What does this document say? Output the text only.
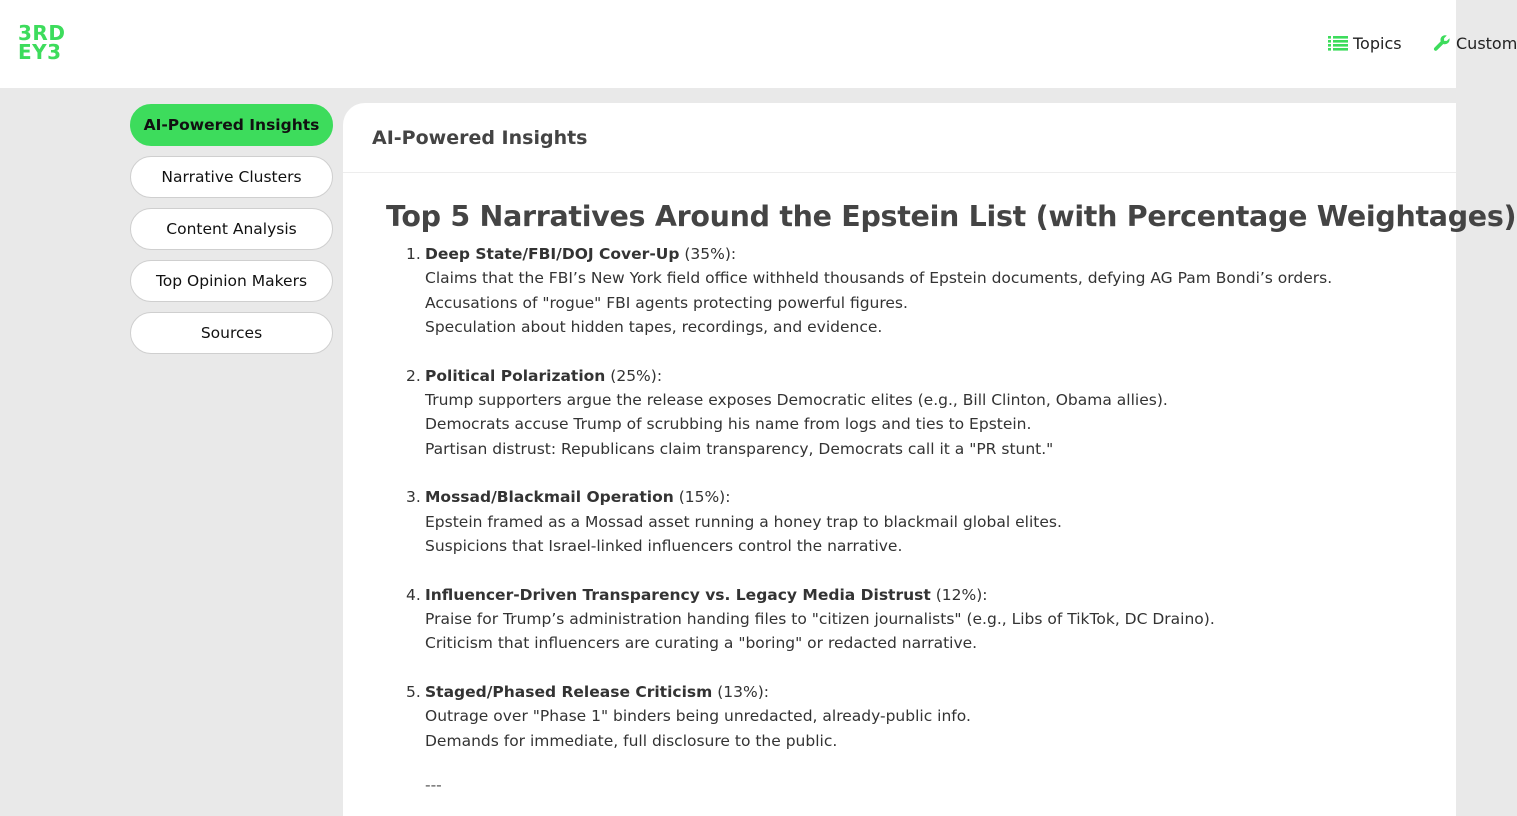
3RD
EY3	Topics	Custom
AI-Powered Insights
Narrative Clusters
Content Analysis
Top Opinion Makers
Sources
AI-Powered Insights
Top 5 Narratives Around the Epstein List (with Percentage Weightages)
1. Deep State/FBI/DOJ Cover-Up (35%):
Claims that the FBI’s New York field office withheld thousands of Epstein documents, defying AG Pam Bondi’s orders.
Accusations of "rogue" FBI agents protecting powerful figures.
Speculation about hidden tapes, recordings, and evidence.
2. Political Polarization (25%):
Trump supporters argue the release exposes Democratic elites (e.g., Bill Clinton, Obama allies).
Democrats accuse Trump of scrubbing his name from logs and ties to Epstein.
Partisan distrust: Republicans claim transparency, Democrats call it a "PR stunt."
3. Mossad/Blackmail Operation (15%):
Epstein framed as a Mossad asset running a honey trap to blackmail global elites.
Suspicions that Israel-linked influencers control the narrative.
4. Influencer-Driven Transparency vs. Legacy Media Distrust (12%):
Praise for Trump’s administration handing files to "citizen journalists" (e.g., Libs of TikTok, DC Draino).
Criticism that influencers are curating a "boring" or redacted narrative.
5. Staged/Phased Release Criticism (13%):
Outrage over "Phase 1" binders being unredacted, already-public info.
Demands for immediate, full disclosure to the public.
---
